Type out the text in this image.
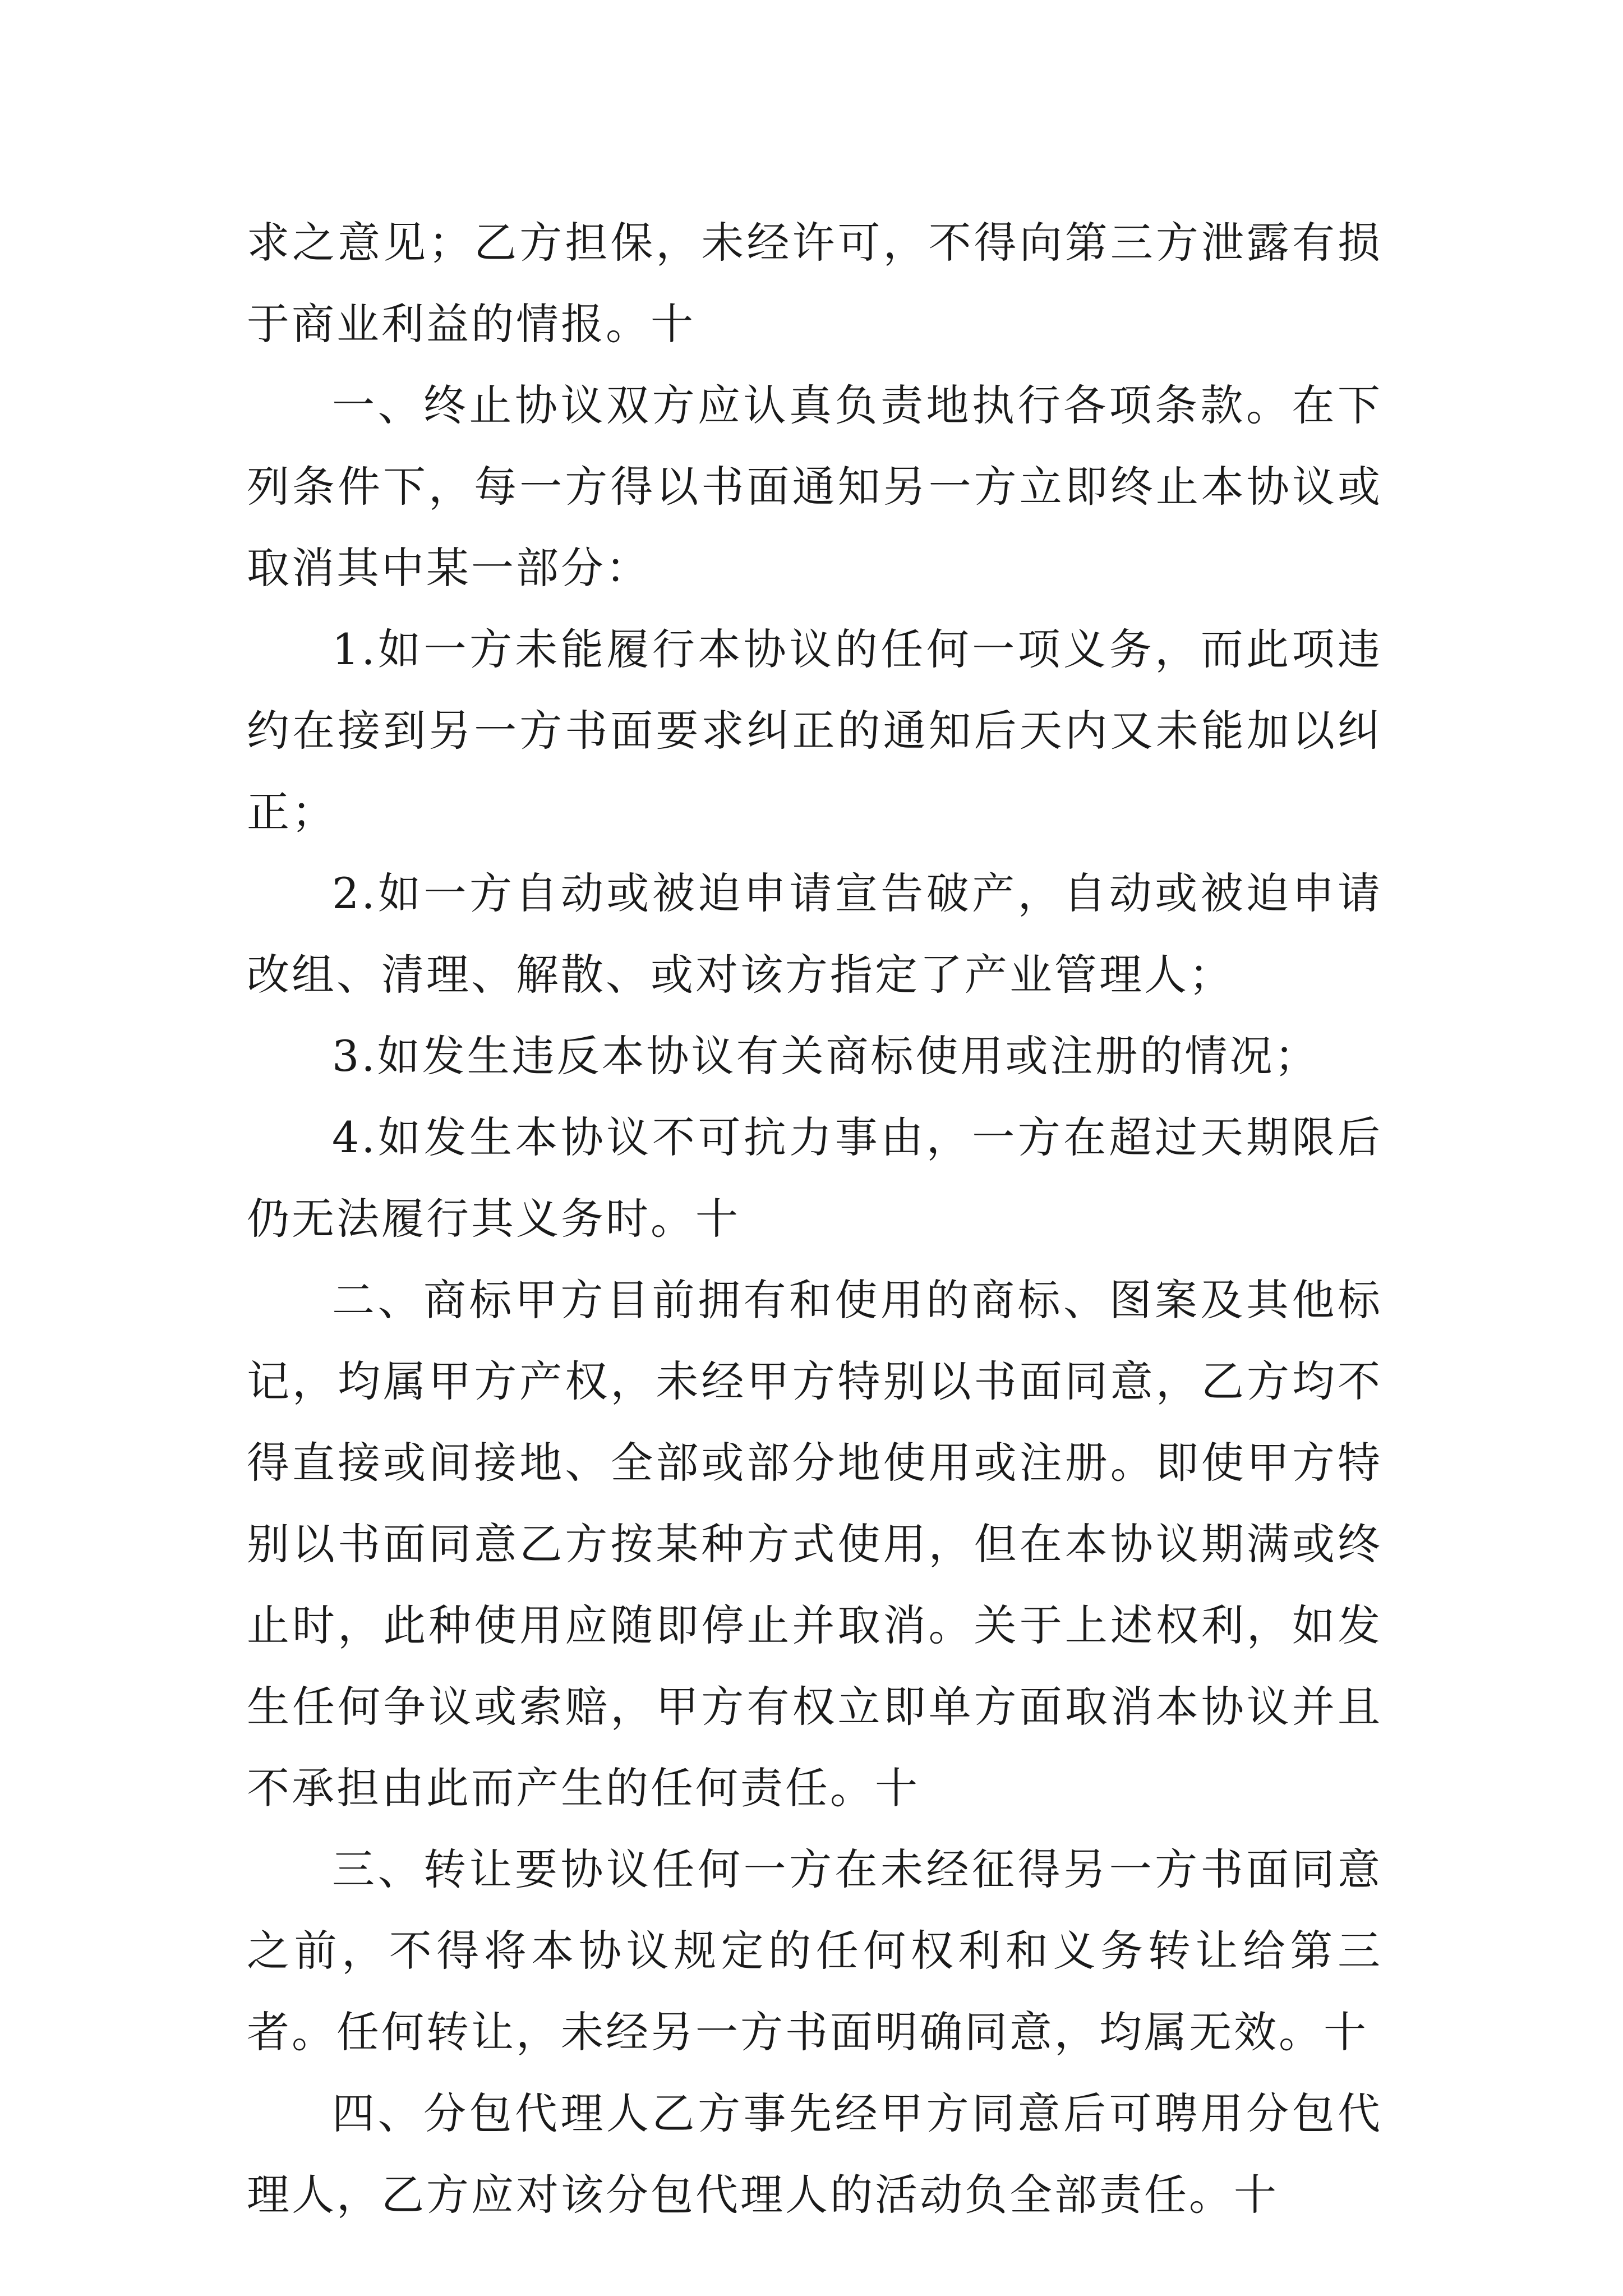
求之意见；乙方担保，未经许可，不得向第三方泄露有损于商业利益的情报。十

一、终止协议双方应认真负责地执行各项条款。在下列条件下，每一方得以书面通知另一方立即终止本协议或取消其中某一部分：

1.如一方未能履行本协议的任何一项义务，而此项违约在接到另一方书面要求纠正的通知后天内又未能加以纠正；

2.如一方自动或被迫申请宣告破产，自动或被迫申请改组、清理、解散、或对该方指定了产业管理人；

3.如发生违反本协议有关商标使用或注册的情况；

4.如发生本协议不可抗力事由，一方在超过天期限后仍无法履行其义务时。十

二、商标甲方目前拥有和使用的商标、图案及其他标记，均属甲方产权，未经甲方特别以书面同意，乙方均不得直接或间接地、全部或部分地使用或注册。即使甲方特别以书面同意乙方按某种方式使用，但在本协议期满或终止时，此种使用应随即停止并取消。关于上述权利，如发生任何争议或索赔，甲方有权立即单方面取消本协议并且不承担由此而产生的任何责任。十

三、转让要协议任何一方在未经征得另一方书面同意之前，不得将本协议规定的任何权利和义务转让给第三者。任何转让，未经另一方书面明确同意，均属无效。十

四、分包代理人乙方事先经甲方同意后可聘用分包代理人，乙方应对该分包代理人的活动负全部责任。十
